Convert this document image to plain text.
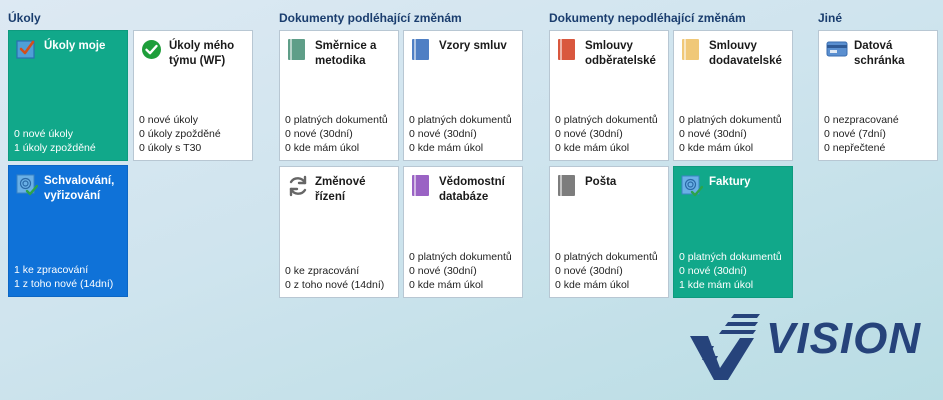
Úkoly	Dokumenty podléhající změnám	Dokumenty nepodléhající změnám	Jiné
Úkoly moje
0 nové úkoly
1 úkoly zpožděné
Úkoly mého týmu (WF)
0 nové úkoly
0 úkoly zpožděné
0 úkoly s T30
Schvalování, vyřizování
1 ke zpracování
1 z toho nové (14dní)
Směrnice a metodika
0 platných dokumentů
0 nové (30dní)
0 kde mám úkol
Vzory smluv
0 platných dokumentů
0 nové (30dní)
0 kde mám úkol
Změnové řízení
0 ke zpracování
0 z toho nové (14dní)
Vědomostní databáze
0 platných dokumentů
0 nové (30dní)
0 kde mám úkol
Smlouvy odběratelské
0 platných dokumentů
0 nové (30dní)
0 kde mám úkol
Smlouvy dodavatelské
0 platných dokumentů
0 nové (30dní)
0 kde mám úkol
Pošta
0 platných dokumentů
0 nové (30dní)
0 kde mám úkol
Faktury
0 platných dokumentů
0 nové (30dní)
1 kde mám úkol
Datová schránka
0 nezpracované
0 nové (7dní)
0 nepřečtené
VISION
